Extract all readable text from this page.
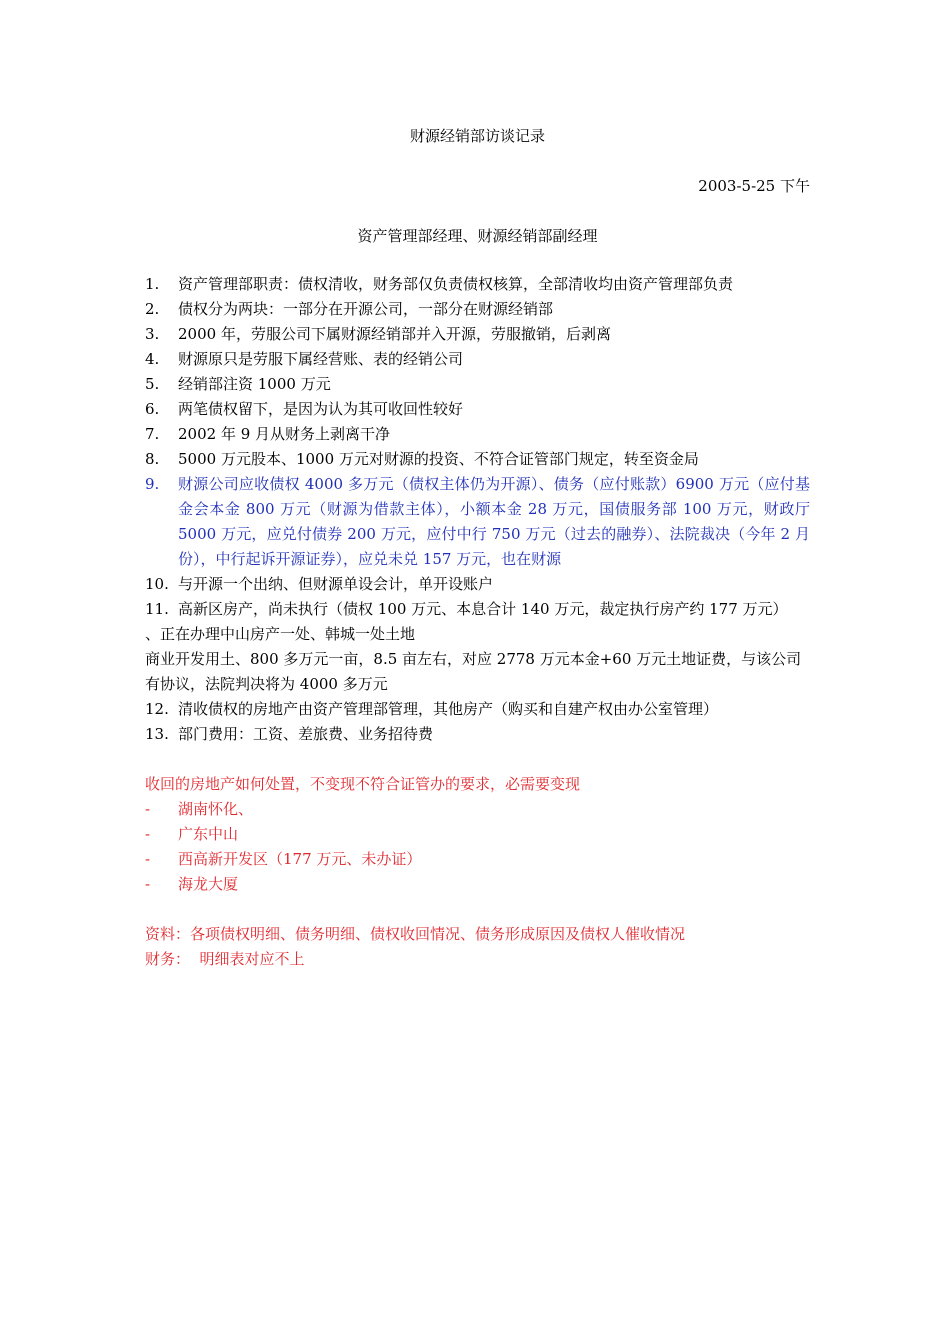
财源经销部访谈记录
2003-5-25 下午
资产管理部经理、财源经销部副经理
1.	资产管理部职责：债权清收，财务部仅负责债权核算，全部清收均由资产管理部负责
2.	债权分为两块：一部分在开源公司，一部分在财源经销部
3.	2000 年，劳服公司下属财源经销部并入开源，劳服撤销，后剥离
4.	财源原只是劳服下属经营账、表的经销公司
5.	经销部注资 1000 万元
6.	两笔债权留下，是因为认为其可收回性较好
7.	2002 年 9 月从财务上剥离干净
8.	5000 万元股本、1000 万元对财源的投资、不符合证管部门规定，转至资金局
9.	财源公司应收债权 4000 多万元（债权主体仍为开源）、债务（应付账款）6900 万元（应付基金会本金 800 万元（财源为借款主体），小额本金 28 万元，国债服务部 100 万元，财政厅 5000 万元，应兑付债券 200 万元，应付中行 750 万元（过去的融券）、法院裁决（今年 2 月份），中行起诉开源证券），应兑未兑 157 万元，也在财源
10. 与开源一个出纳、但财源单设会计，单开设账户
11. 高新区房产，尚未执行（债权 100 万元、本息合计 140 万元，裁定执行房产约 177 万元）

、正在办理中山房产一处、韩城一处土地

商业开发用土、800 多万元一亩，8.5 亩左右，对应 2778 万元本金+60 万元土地证费，与该公司有协议，法院判决将为 4000 多万元

12. 清收债权的房地产由资产管理部管理，其他房产（购买和自建产权由办公室管理）
13. 部门费用：工资、差旅费、业务招待费

收回的房地产如何处置，不变现不符合证管办的要求，必需要变现

-	湖南怀化、
-	广东中山
-	西高新开发区（177 万元、未办证）
-	海龙大厦

资料：各项债权明细、债务明细、债权收回情况、债务形成原因及债权人催收情况

财务：  明细表对应不上
